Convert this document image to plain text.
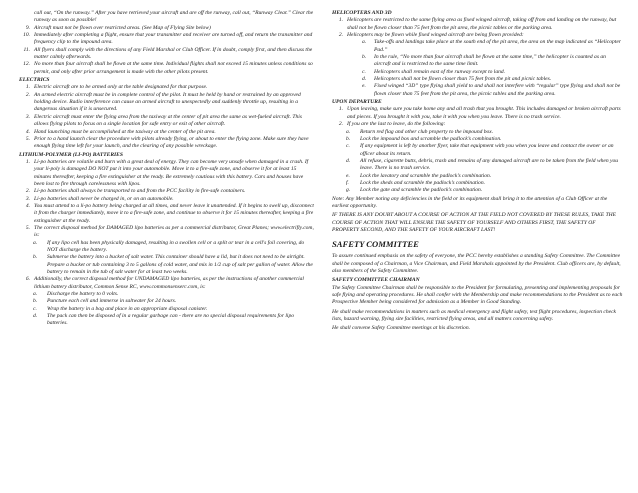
call out, “On the runway.” After you have retrieved your aircraft and are off the runway, call out, “Runway Clear.” Clear the runway as soon as possible!
9. Aircraft must not be flown over restricted areas. (See Map of Flying Site below)
10. Immediately after completing a flight, ensure that your transmitter and receiver are turned off, and return the transmitter and frequency clip to the impound area.
11. All flyers shall comply with the directions of any Field Marshal or Club Officer. If in doubt, comply first, and then discuss the matter calmly afterwards.
12. No more than four aircraft shall be flown at the same time. Individual flights shall not exceed 15 minutes unless conditions so permit, and only after prior arrangement is made with the other pilots present.
ELECTRICS
1. Electric aircraft are to be armed only at the table designated for that purpose.
2. An armed electric aircraft must be in complete control of the pilot. It must be held by hand or restrained by an approved holding device. Radio interference can cause an armed aircraft to unexpectedly and suddenly throttle up, resulting in a dangerous situation if it is unsecured.
3. Electric aircraft must enter the flying area from the taxiway at the center of pit area the same as wet-fueled aircraft. This allows flying pilots to focus on a single location for safe entry or exit of other aircraft.
4. Hand launching must be accomplished at the taxiway at the center of the pit area.
5. Prior to a hand launch clear the procedure with pilots already flying, or about to enter the flying zone. Make sure they have enough flying time left for your launch, and the clearing of any possible wreckage.
LITHIUM-POLYMER (LI-PO) BATTERIES
1. Li-po batteries are volatile and burn with a great deal of energy. They can become very unsafe when damaged in a crash. If your li-poly is damaged DO NOT put it into your automobile. Move it to a fire-safe zone, and observe it for at least 15 minutes thereafter, keeping a fire extinguisher at the ready. Be extremely cautious with this battery. Cars and houses have been lost to fire through carelessness with lipos.
2. Li-po batteries shall always be transported to and from the PCC facility in fire-safe containers.
3. Li-po batteries shall never be charged in, or on an automobile.
4. You must attend to a li-po battery being charged at all times, and never leave it unattended. If it begins to swell up, disconnect it from the charger immediately, move it to a fire-safe zone, and continue to observe it for 15 minutes thereafter, keeping a fire extinguisher at the ready.
5. The correct disposal method for DAMAGED lipo batteries as per a commercial distributor, Great Planes; www.electrifly.com, is:
a.	If any lipo cell has been physically damaged, resulting in a swollen cell or a split or tear in a cell's foil covering, do NOT discharge the battery.
b.	Submerse the battery into a bucket of salt water. This container should have a lid, but it does not need to be airtight. Prepare a bucket or tub containing 3 to 5 gallons of cold water, and mix in 1/2 cup of salt per gallon of water. Allow the battery to remain in the tub of salt water for at least two weeks.
6. Additionally, the correct disposal method for UNDAMAGED lipo batteries, as per the instructions of another commercial lithium battery distributor, Common Sense RC, www.commonsenserc.com, is:
a.	Discharge the battery to 0 volts.
b.	Puncture each cell and immerse in saltwater for 24 hours.
c.	Wrap the battery in a bag and place in an appropriate disposal canister.
d.	The pack can then be disposed of in a regular garbage can - there are no special disposal requirements for lipo batteries.
HELICOPTERS AND 3D
1. Helicopters are restricted to the same flying area as fixed winged aircraft, taking off from and landing on the runway, but shall not be flown closer than 75 feet from the pit area, the picnic tables or the parking area.
2. Helicopters may be flown while fixed winged aircraft are being flown provided:
a.	Take-offs and landings take place at the south end of the pit area, the area on the map indicated as “Helicopter Pad.”
b.	In the rule, “No more than four aircraft shall be flown at the same time,” the helicopter is counted as an aircraft and is restricted to the same time limit.
c.	Helicopters shall remain east of the runway except to land.
d.	Helicopters shall not be flown closer than 75 feet from the pit and picnic tables.
e.	Fixed winged “3D” type flying shall yield to and shall not interfere with “regular” type flying and shall not be flown closer than 75 feet from the pit area, the picnic tables and the parking area.
UPON DEPARTURE
1. Upon leaving, make sure you take home any and all trash that you brought. This includes damaged or broken aircraft parts and pieces. If you brought it with you, take it with you when you leave. There is no trash service.
2. If you are the last to leave, do the following:
a.	Return red flag and other club property to the impound box.
b.	Lock the impound box and scramble the padlock’s combination.
c.	If any equipment is left by another flyer, take that equipment with you when you leave and contact the owner or an officer about its return.
d.	All refuse, cigarette butts, debris, trash and remains of any damaged aircraft are to be taken from the field when you leave. There is no trash service.
e.	Lock the lavatory and scramble the padlock’s combination.
f.	Lock the sheds and scramble the padlock’s combination.
g.	Lock the gate and scramble the padlock’s combination.

Note: Any Member noting any deficiencies in the field or its equipment shall bring it to the attention of a Club Officer at the earliest opportunity.

IF THERE IS ANY DOUBT ABOUT A COURSE OF ACTION AT THE FIELD NOT COVERED BY THESE RULES, TAKE THE COURSE OF ACTION THAT WILL ENSURE THE SAFETY OF YOURSELF AND OTHERS FIRST, THE SAFETY OF PROPERTY SECOND, AND THE SAFETY OF YOUR AIRCRAFT LAST!

SAFETY COMMITTEE

To assure continued emphasis on the safety of everyone, the PCC hereby establishes a standing Safety Committee. The Committee shall be composed of a Chairman, a Vice Chairman, and Field Marshals appointed by the President. Club officers are, by default, also members of the Safety Committee.

SAFETY COMMITTEE CHAIRMAN

The Safety Committee Chairman shall be responsible to the President for formulating, presenting and implementing proposals for safe flying and operating procedures. He shall confer with the Membership and make recommendations to the President as to each Prospective Member being considered for admission as a Member in Good Standing.

He shall make recommendations in matters such as medical emergency and flight safety, test flight procedures, inspection check lists, hazard warning, flying site facilities, restricted flying areas, and all matters concerning safety.

He shall convene Safety Committee meetings at his discretion.
